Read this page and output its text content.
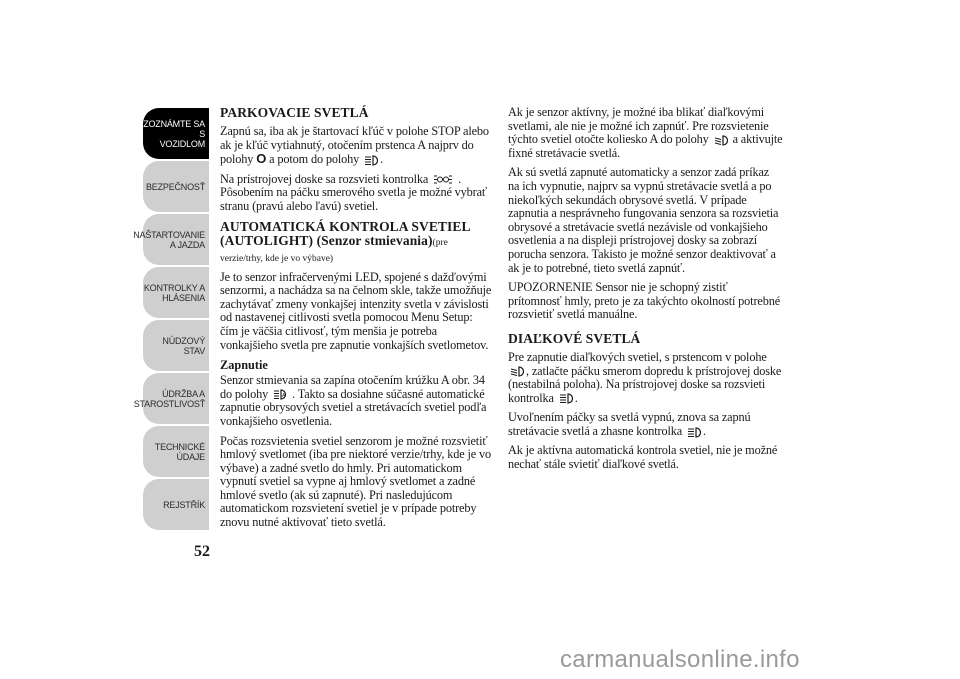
ZOZNÁMTE SA S
VOZIDLOM
BEZPEČNOSŤ
NAŠTARTOVANIE
A JAZDA
KONTROLKY A
HLÁSENIA
NÚDZOVÝ STAV
ÚDRŽBA A
STAROSTLIVOSŤ
TECHNICKÉ
ÚDAJE
REJSTŘÍK
52
PARKOVACIE SVETLÁ

Zapnú sa, iba ak je štartovací kľúč v polohe STOP alebo ak je kľúč vytiahnutý, otočením prstenca A najprv do polohy O a potom do polohy .

Na prístrojovej doske sa rozsvieti kontrolka . Pôsobením na páčku smerového svetla je možné vybrať stranu (pravú alebo ľavú) svetiel.

AUTOMATICKÁ KONTROLA SVETIEL (AUTOLIGHT) (Senzor stmievania)(pre verzie/trhy, kde je vo výbave)

Je to senzor infračervenými LED, spojené s dažďovými senzormi, a nachádza sa na čelnom skle, takže umožňuje zachytávať zmeny vonkajšej intenzity svetla v závislosti od nastavenej citlivosti svetla pomocou Menu Setup: čím je väčšia citlivosť, tým menšia je potreba vonkajšieho svetla pre zapnutie vonkajších svetlometov.

Zapnutie

Senzor stmievania sa zapína otočením krúžku A obr. 34 do polohy	A . Takto sa dosiahne súčasné automatické zapnutie obrysových svetiel a stretávacích svetiel podľa vonkajšieho osvetlenia.

Počas rozsvietenia svetiel senzorom je možné rozsvietiť hmlový svetlomet (iba pre niektoré verzie/trhy, kde je vo výbave) a zadné svetlo do hmly. Pri automatickom vypnutí svetiel sa vypne aj hmlový svetlomet a zadné hmlové svetlo (ak sú zapnuté). Pri nasledujúcom automatickom rozsvietení svetiel je v prípade potreby znovu nutné aktivovať tieto svetlá.

Ak je senzor aktívny, je možné iba blikať diaľkovými svetlami, ale nie je možné ich zapnúť. Pre rozsvietenie týchto svetiel otočte koliesko A do polohy a aktivujte fixné stretávacie svetlá.

Ak sú svetlá zapnuté automaticky a senzor zadá príkaz na ich vypnutie, najprv sa vypnú stretávacie svetlá a po niekoľkých sekundách obrysové svetlá. V prípade zapnutia a nesprávneho fungovania senzora sa rozsvietia obrysové a stretávacie svetlá nezávisle od vonkajšieho osvetlenia a na displeji prístrojovej dosky sa zobrazí porucha senzora. Takisto je možné senzor deaktivovať a ak je to potrebné, tieto svetlá zapnúť.

UPOZORNENIE Sensor nie je schopný zistiť prítomnosť hmly, preto je za takýchto okolností potrebné rozsvietiť svetlá manuálne.

DIAĽKOVÉ SVETLÁ

Pre zapnutie diaľkových svetiel, s prstencom v polohe , zatlačte páčku smerom dopredu k prístrojovej doske (nestabilná poloha). Na prístrojovej doske sa rozsvieti kontrolka .

Uvoľnením páčky sa svetlá vypnú, znova sa zapnú stretávacie svetlá a zhasne kontrolka .

Ak je aktívna automatická kontrola svetiel, nie je možné nechať stále svietiť diaľkové svetlá.

carmanualsonline.info
